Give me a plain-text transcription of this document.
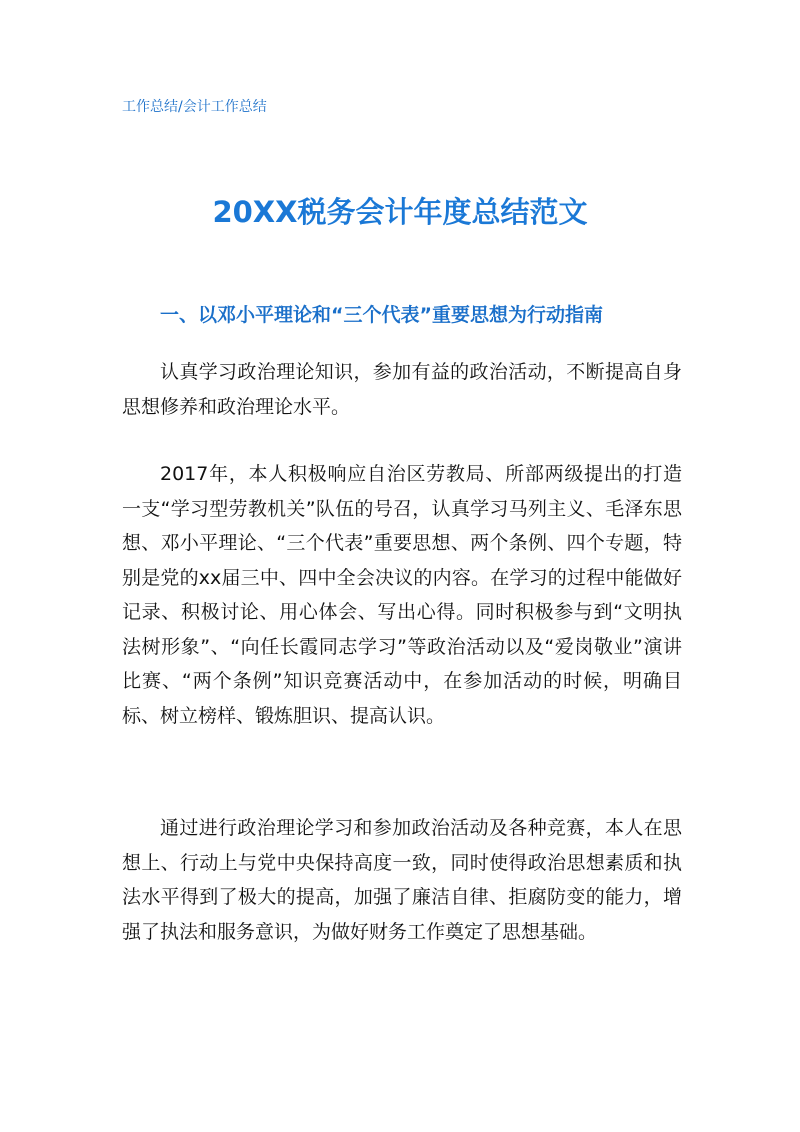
工作总结/会计工作总结
20XX税务会计年度总结范文
一、以邓小平理论和“三个代表”重要思想为行动指南

认真学习政治理论知识，参加有益的政治活动，不断提高自身思想修养和政治理论水平。

2017年，本人积极响应自治区劳教局、所部两级提出的打造一支“学习型劳教机关”队伍的号召，认真学习马列主义、毛泽东思想、邓小平理论、“三个代表”重要思想、两个条例、四个专题，特别是党的xx届三中、四中全会决议的内容。在学习的过程中能做好记录、积极讨论、用心体会、写出心得。同时积极参与到“文明执法树形象”、“向任长霞同志学习”等政治活动以及“爱岗敬业”演讲比赛、“两个条例”知识竞赛活动中，在参加活动的时候，明确目标、树立榜样、锻炼胆识、提高认识。

通过进行政治理论学习和参加政治活动及各种竞赛，本人在思想上、行动上与党中央保持高度一致，同时使得政治思想素质和执法水平得到了极大的提高，加强了廉洁自律、拒腐防变的能力，增强了执法和服务意识，为做好财务工作奠定了思想基础。
